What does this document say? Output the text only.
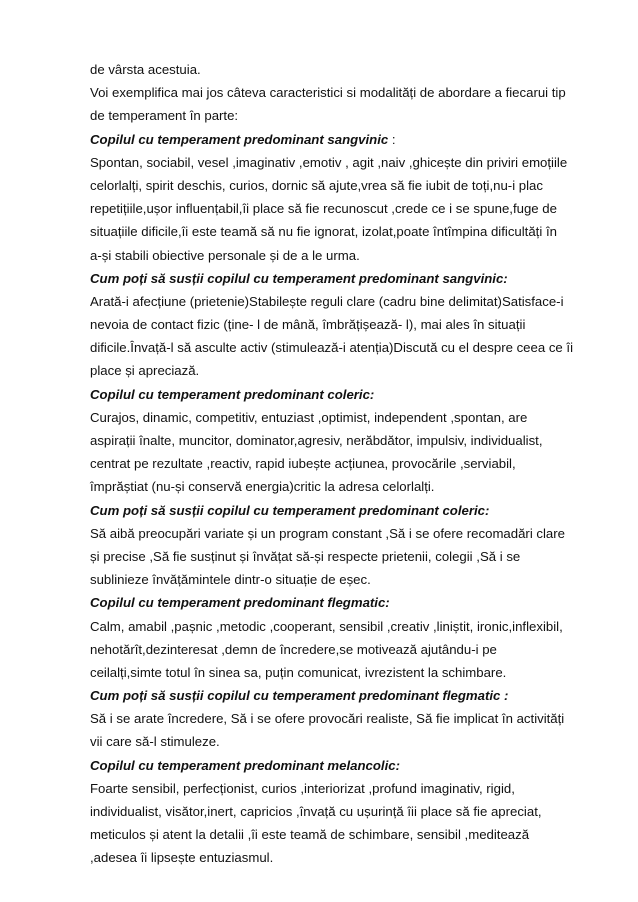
de vârsta acestuia.
Voi exemplifica mai jos câteva caracteristici si modalități de abordare a fiecarui tip
de temperament în parte:
Copilul cu temperament predominant sangvinic :
Spontan, sociabil, vesel ,imaginativ ,emotiv , agit ,naiv ,ghicește din priviri emoțiile
celorlalți, spirit deschis, curios, dornic să ajute,vrea să fie iubit de toți,nu-i plac
repetițiile,ușor influențabil,îi place să fie recunoscut ,crede ce i se spune,fuge de
situațiile dificile,îi este teamă să nu fie ignorat, izolat,poate întîmpina dificultăți în
a-și stabili obiective personale și de a le urma.
Cum poți să susții copilul cu temperament predominant sangvinic:
Arată-i afecțiune (prietenie)Stabilește reguli clare (cadru bine delimitat)Satisface-i
nevoia de contact fizic (ține- l de mână, îmbrățișează- l), mai ales în situații
dificile.Învață-l să asculte activ (stimulează-i atenția)Discută cu el despre ceea ce îi
place și apreciază.
Copilul cu temperament predominant coleric:
Curajos, dinamic, competitiv, entuziast ,optimist, independent ,spontan, are
aspirații înalte, muncitor, dominator,agresiv, nerăbdător, impulsiv, individualist,
centrat pe rezultate ,reactiv, rapid iubește acțiunea, provocările ,serviabil,
împrăștiat (nu-și conservă energia)critic la adresa celorlalți.
Cum poți să susții copilul cu temperament predominant coleric:
Să aibă preocupări variate și un program constant ,Să i se ofere recomadări clare
și precise ,Să fie susținut și învățat să-și respecte prietenii, colegii ,Să i se
sublinieze învățămintele dintr-o situație de eșec.
Copilul cu temperament predominant flegmatic:
Calm, amabil ,pașnic ,metodic ,cooperant, sensibil ,creativ ,liniștit, ironic,inflexibil,
nehotărît,dezinteresat ,demn de încredere,se motivează ajutându-i pe
ceilalți,simte totul în sinea sa, puțin comunicat, ivrezistent la schimbare.
Cum poți să susții copilul cu temperament predominant flegmatic :
Să i se arate încredere, Să i se ofere provocări realiste, Să fie implicat în activități
vii care să-l stimuleze.
Copilul cu temperament predominant melancolic:
Foarte sensibil, perfecționist, curios ,interiorizat ,profund imaginativ, rigid,
individualist, visător,inert, capricios ,învață cu ușurință îii place să fie apreciat,
meticulos și atent la detalii ,îi este teamă de schimbare, sensibil ,meditează
,adesea îi lipsește entuziasmul.
